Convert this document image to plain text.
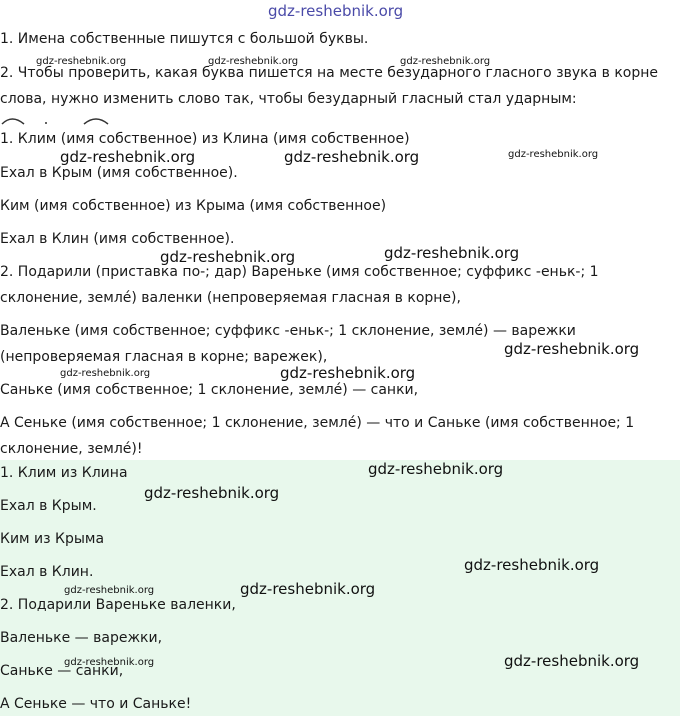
gdz-reshebnik.org
1. Имена собственные пишутся с большой буквы.
2. Чтобы проверить, какая буква пишется на месте безударного гласного звука в корне
слова, нужно изменить слово так, чтобы безударный гласный стал ударным:
1. Клим (имя собственное) из Клина (имя собственное)
Ехал в Крым (имя собственное).
Ким (имя собственное) из Крыма (имя собственное)
Ехал в Клин (имя собственное).
2. Подарили (приставка по-; дар) Вареньке (имя собственное; суффикс -еньк-; 1
склонение, землé) валенки (непроверяемая гласная в корне),
Валеньке (имя собственное; суффикс -еньк-; 1 склонение, землé) — варежки
(непроверяемая гласная в корне; варежек),
Саньке (имя собственное; 1 склонение, землé) — санки,
А Сеньке (имя собственное; 1 склонение, землé) — что и Саньке (имя собственное; 1
склонение, землé)!
1. Клим из Клина
Ехал в Крым.
Ким из Крыма
Ехал в Клин.
2. Подарили Вареньке валенки,
Валеньке — варежки,
Саньке — санки,
А Сеньке — что и Саньке!
gdz-reshebnik.org	gdz-reshebnik.org	gdz-reshebnik.org
gdz-reshebnik.org	gdz-reshebnik.org	gdz-reshebnik.org
gdz-reshebnik.org	gdz-reshebnik.org
gdz-reshebnik.org
gdz-reshebnik.org	gdz-reshebnik.org
gdz-reshebnik.org
gdz-reshebnik.org
gdz-reshebnik.org
gdz-reshebnik.org	gdz-reshebnik.org
gdz-reshebnik.org	gdz-reshebnik.org
